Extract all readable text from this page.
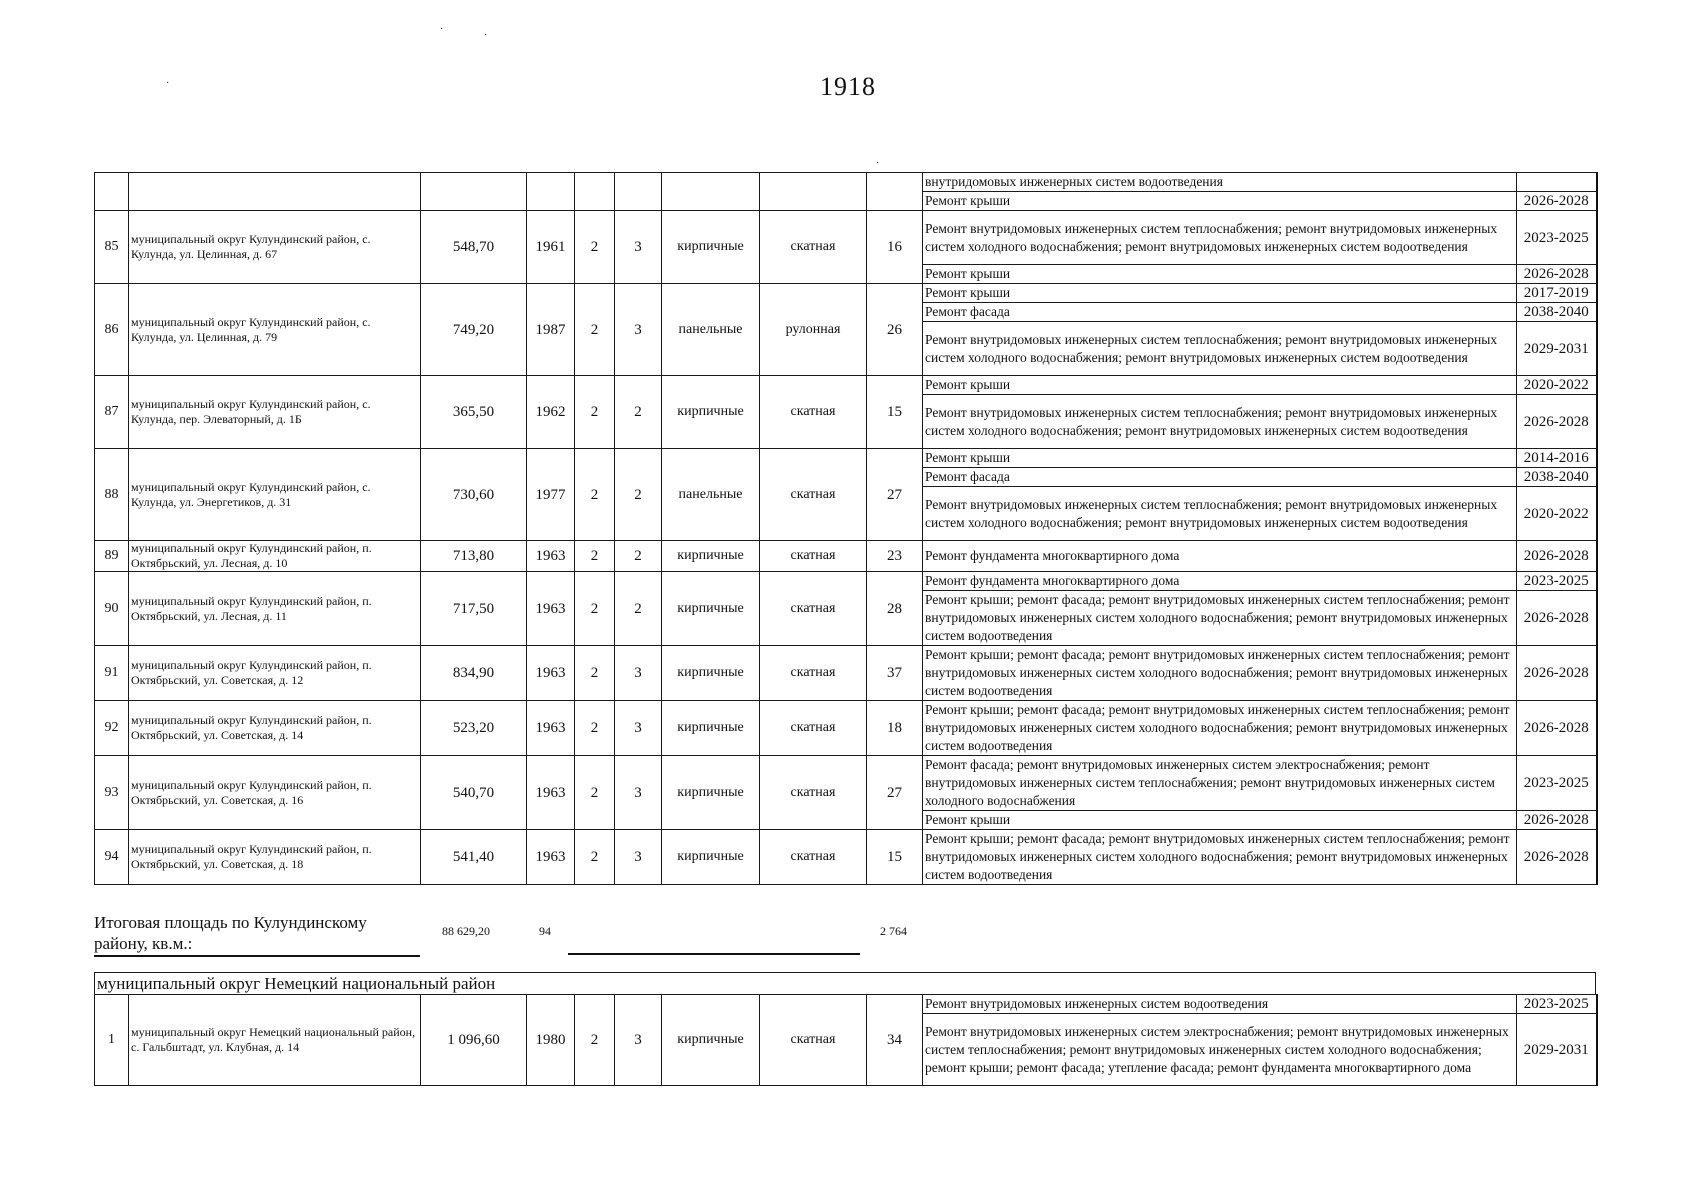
1918
·
·
·
·
									внутридомовых инженерных систем водоотведения	
									Ремонт крыши	2026-2028
85	муниципальный округ Кулундинский район, с. Кулунда, ул. Целинная, д. 67	548,70	1961	2	3	кирпичные	скатная	16	Ремонт внутридомовых инженерных систем теплоснабжения; ремонт внутридомовых инженерных систем холодного водоснабжения; ремонт внутридомовых инженерных систем водоотведения	2023-2025
									Ремонт крыши	2026-2028
86	муниципальный округ Кулундинский район, с. Кулунда, ул. Целинная, д. 79	749,20	1987	2	3	панельные	рулонная	26	Ремонт крыши	2017-2019
									Ремонт фасада	2038-2040
									Ремонт внутридомовых инженерных систем теплоснабжения; ремонт внутридомовых инженерных систем холодного водоснабжения; ремонт внутридомовых инженерных систем водоотведения	2029-2031
87	муниципальный округ Кулундинский район, с. Кулунда, пер. Элеваторный, д. 1Б	365,50	1962	2	2	кирпичные	скатная	15	Ремонт крыши	2020-2022
									Ремонт внутридомовых инженерных систем теплоснабжения; ремонт внутридомовых инженерных систем холодного водоснабжения; ремонт внутридомовых инженерных систем водоотведения	2026-2028
88	муниципальный округ Кулундинский район, с. Кулунда, ул. Энергетиков, д. 31	730,60	1977	2	2	панельные	скатная	27	Ремонт крыши	2014-2016
									Ремонт фасада	2038-2040
									Ремонт внутридомовых инженерных систем теплоснабжения; ремонт внутридомовых инженерных систем холодного водоснабжения; ремонт внутридомовых инженерных систем водоотведения	2020-2022
89	муниципальный округ Кулундинский район, п. Октябрьский, ул. Лесная, д. 10	713,80	1963	2	2	кирпичные	скатная	23	Ремонт фундамента многоквартирного дома	2026-2028
90	муниципальный округ Кулундинский район, п. Октябрьский, ул. Лесная, д. 11	717,50	1963	2	2	кирпичные	скатная	28	Ремонт фундамента многоквартирного дома	2023-2025
									Ремонт крыши; ремонт фасада; ремонт внутридомовых инженерных систем теплоснабжения; ремонт внутридомовых инженерных систем холодного водоснабжения; ремонт внутридомовых инженерных систем водоотведения	2026-2028
91	муниципальный округ Кулундинский район, п. Октябрьский, ул. Советская, д. 12	834,90	1963	2	3	кирпичные	скатная	37	Ремонт крыши; ремонт фасада; ремонт внутридомовых инженерных систем теплоснабжения; ремонт внутридомовых инженерных систем холодного водоснабжения; ремонт внутридомовых инженерных систем водоотведения	2026-2028
92	муниципальный округ Кулундинский район, п. Октябрьский, ул. Советская, д. 14	523,20	1963	2	3	кирпичные	скатная	18	Ремонт крыши; ремонт фасада; ремонт внутридомовых инженерных систем теплоснабжения; ремонт внутридомовых инженерных систем холодного водоснабжения; ремонт внутридомовых инженерных систем водоотведения	2026-2028
93	муниципальный округ Кулундинский район, п. Октябрьский, ул. Советская, д. 16	540,70	1963	2	3	кирпичные	скатная	27	Ремонт фасада; ремонт внутридомовых инженерных систем электроснабжения; ремонт внутридомовых инженерных систем теплоснабжения; ремонт внутридомовых инженерных систем холодного водоснабжения	2023-2025
									Ремонт крыши	2026-2028
94	муниципальный округ Кулундинский район, п. Октябрьский, ул. Советская, д. 18	541,40	1963	2	3	кирпичные	скатная	15	Ремонт крыши; ремонт фасада; ремонт внутридомовых инженерных систем теплоснабжения; ремонт внутридомовых инженерных систем холодного водоснабжения; ремонт внутридомовых инженерных систем водоотведения	2026-2028
Итоговая площадь по Кулундинскому району, кв.м.:
88 629,20	94	2 764
муниципальный округ Немецкий национальный район
1	муниципальный округ Немецкий национальный район, с. Гальбштадт, ул. Клубная, д. 14	1 096,60	1980	2	3	кирпичные	скатная	34	Ремонт внутридомовых инженерных систем водоотведения	2023-2025
									Ремонт внутридомовых инженерных систем электроснабжения; ремонт внутридомовых инженерных систем теплоснабжения; ремонт внутридомовых инженерных систем холодного водоснабжения; ремонт крыши; ремонт фасада; утепление фасада; ремонт фундамента многоквартирного дома	2029-2031
